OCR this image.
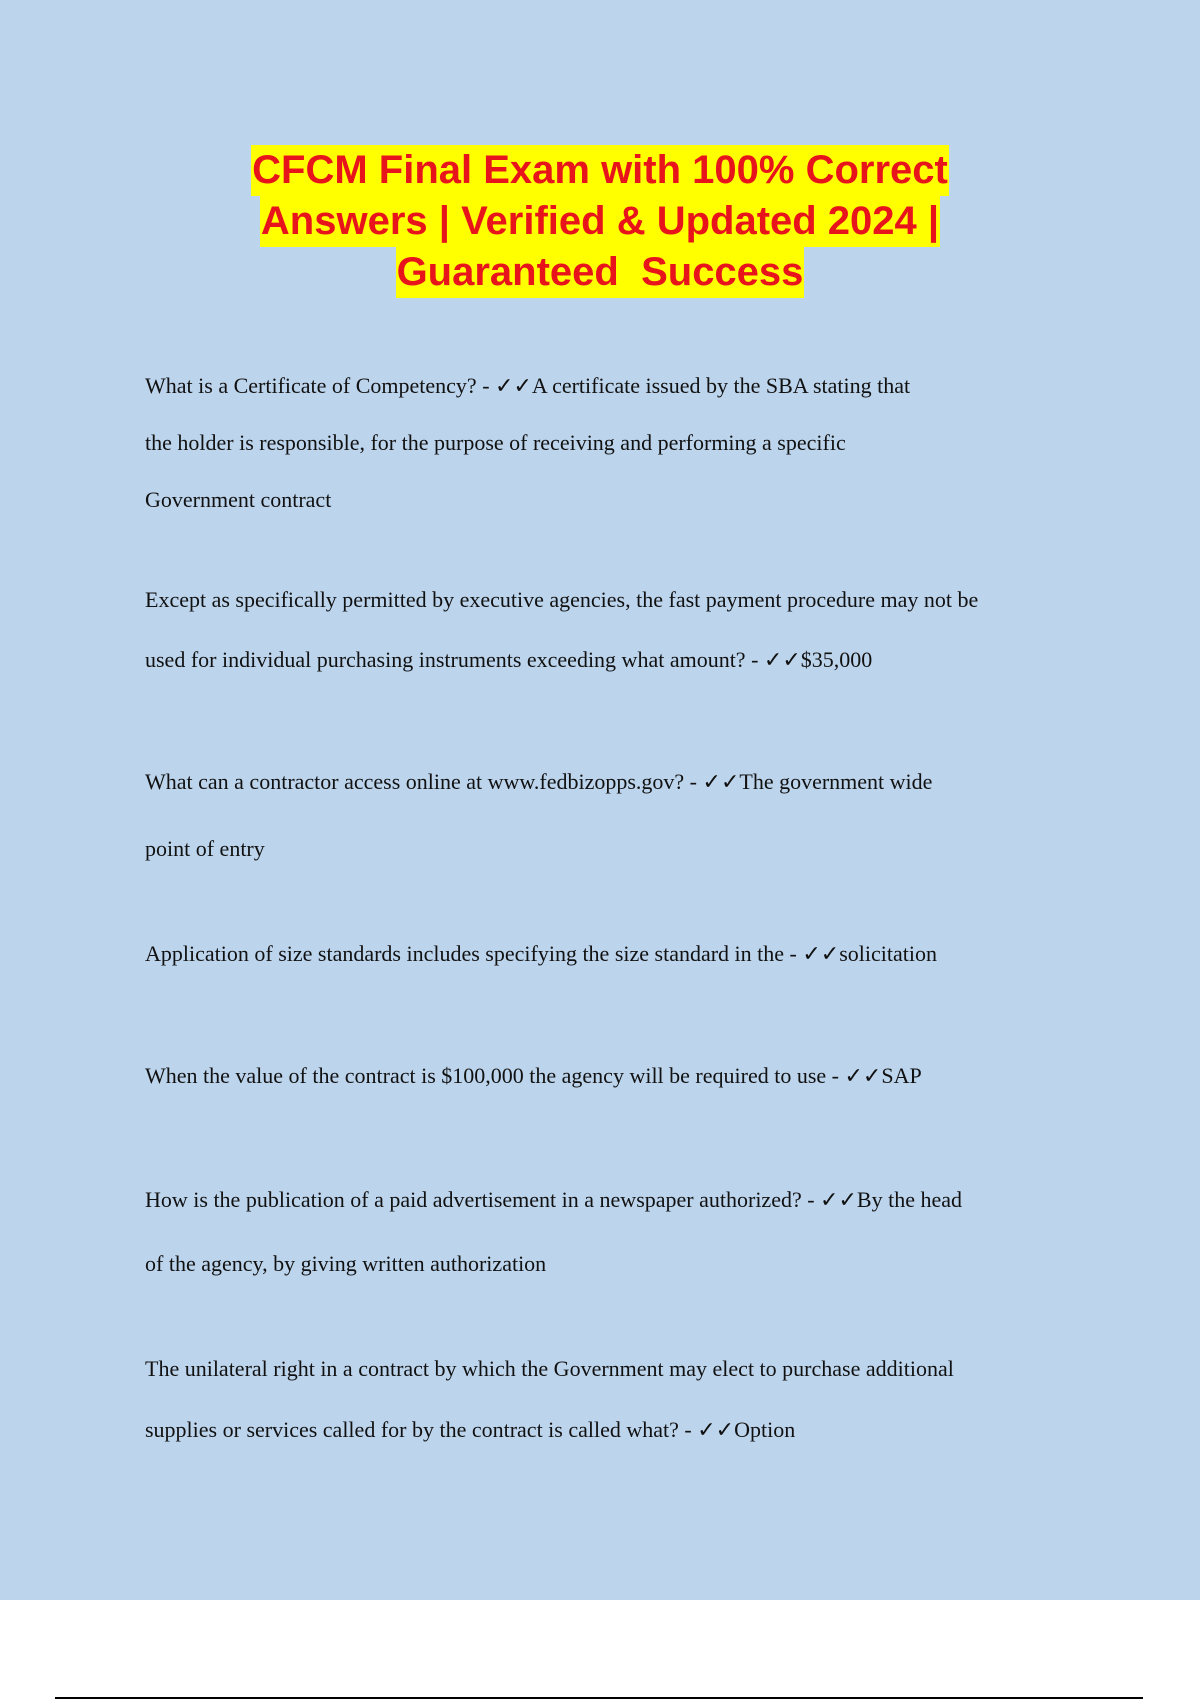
CFCM Final Exam with 100% Correct
Answers | Verified & Updated 2024 |
Guaranteed  Success
What is a Certificate of Competency? - ✓✓A certificate issued by the SBA stating that
the holder is responsible, for the purpose of receiving and performing a specific
Government contract
Except as specifically permitted by executive agencies, the fast payment procedure may not be
used for individual purchasing instruments exceeding what amount? - ✓✓$35,000
What can a contractor access online at www.fedbizopps.gov? - ✓✓The government wide
point of entry
Application of size standards includes specifying the size standard in the - ✓✓solicitation
When the value of the contract is $100,000 the agency will be required to use - ✓✓SAP
How is the publication of a paid advertisement in a newspaper authorized? - ✓✓By the head
of the agency, by giving written authorization
The unilateral right in a contract by which the Government may elect to purchase additional
supplies or services called for by the contract is called what? - ✓✓Option
